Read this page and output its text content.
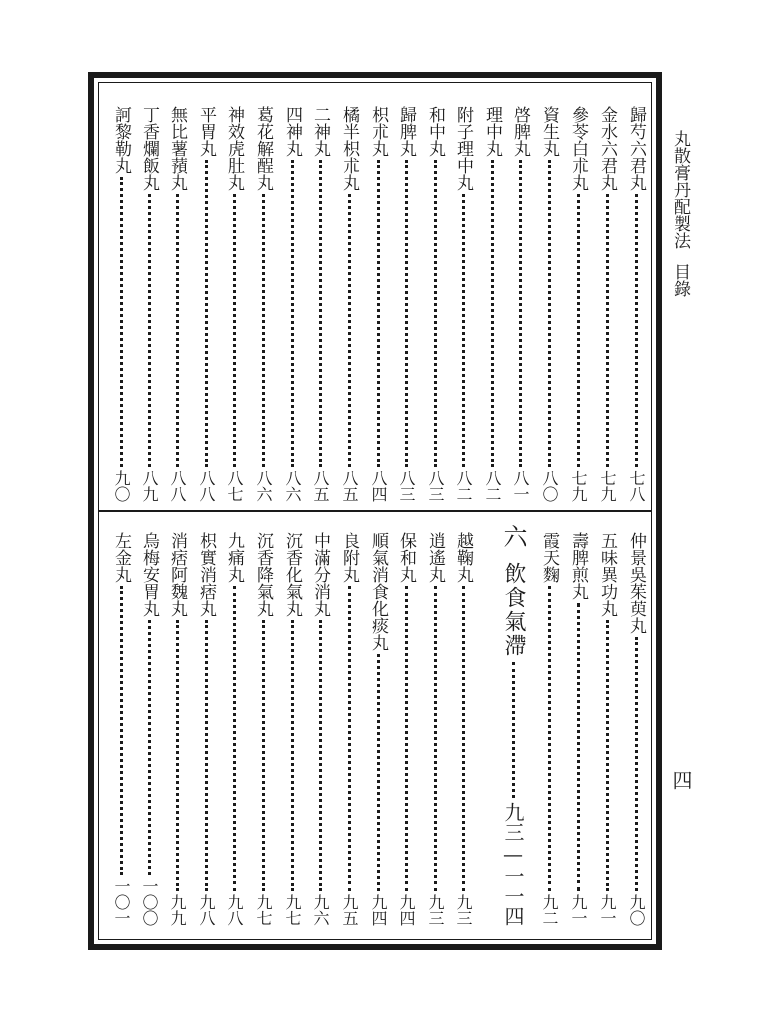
歸芍六君丸
七八
金水六君丸
七九
參苓白朮丸
七九
資生丸
八〇
啓脾丸
八一
理中丸
八二
附子理中丸
八二
和中丸
八三
歸脾丸
八三
枳朮丸
八四
橘半枳朮丸
八五
二神丸
八五
四神丸
八六
葛花解酲丸
八六
神效虎肚丸
八七
平胃丸
八八
無比薯蕷丸
八八
丁香爛飯丸
八九
訶黎勒丸
九〇
仲景吳茱萸丸
九〇
五味異功丸
九一
壽脾煎丸
九一
霞天麴
九二
六
飲食氣滯
九三—一一四
越鞠丸
九三
逍遙丸
九三
保和丸
九四
順氣消食化痰丸
九四
良附丸
九五
中滿分消丸
九六
沉香化氣丸
九七
沉香降氣丸
九七
九痛丸
九八
枳實消痞丸
九八
消痞阿魏丸
九九
烏梅安胃丸
一〇〇
左金丸
一〇一
丸散膏丹配製法目錄
四
